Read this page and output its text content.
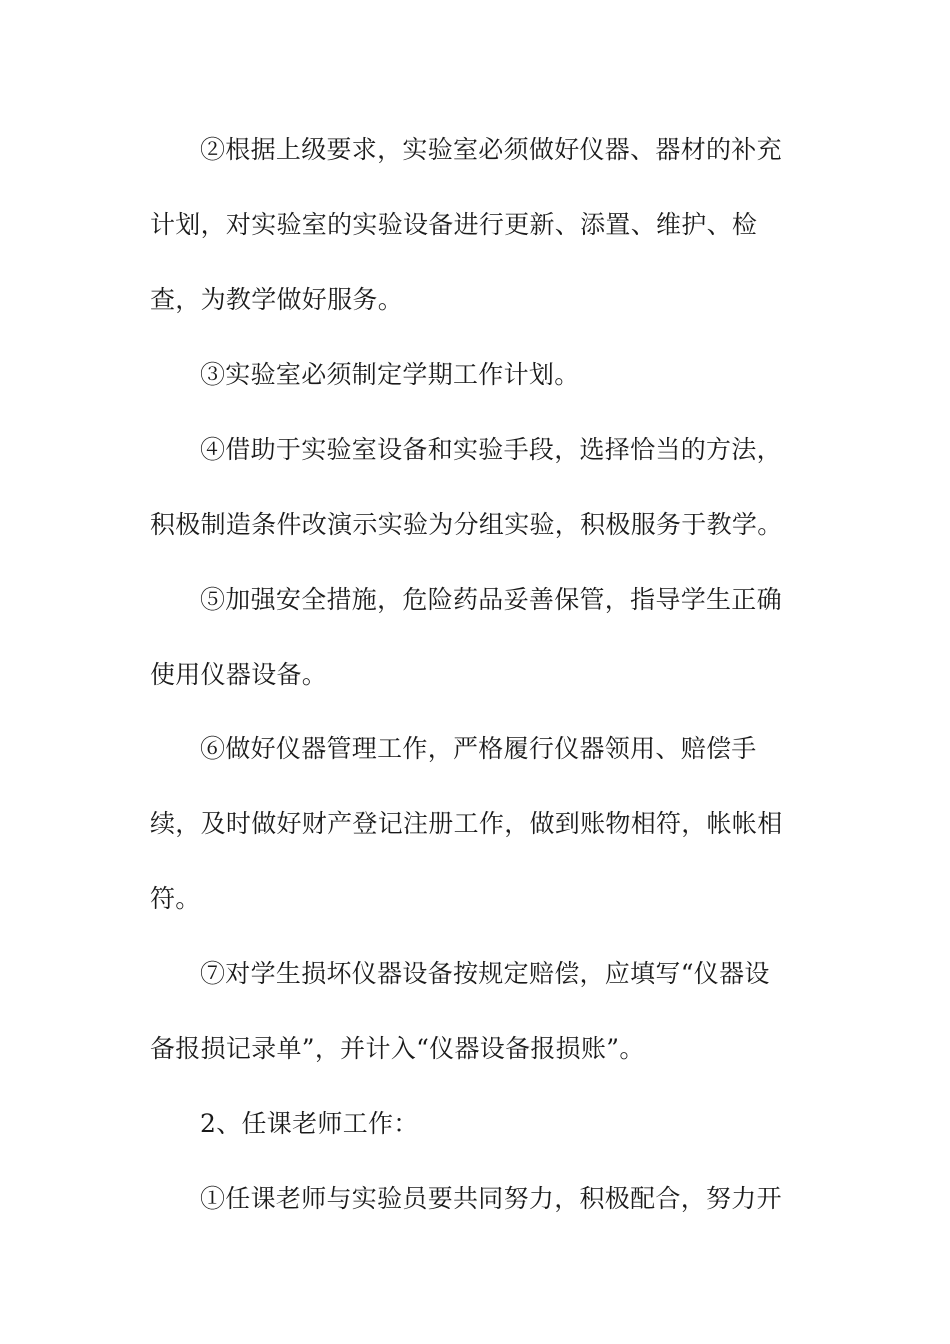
②根据上级要求，实验室必须做好仪器、器材的补充
计划，对实验室的实验设备进行更新、添置、维护、检
查，为教学做好服务。
③实验室必须制定学期工作计划。
④借助于实验室设备和实验手段，选择恰当的方法，
积极制造条件改演示实验为分组实验，积极服务于教学。
⑤加强安全措施，危险药品妥善保管，指导学生正确
使用仪器设备。
⑥做好仪器管理工作，严格履行仪器领用、赔偿手
续，及时做好财产登记注册工作，做到账物相符，帐帐相
符。
⑦对学生损坏仪器设备按规定赔偿，应填写“仪器设
备报损记录单”，并计入“仪器设备报损账”。
2、任课老师工作：
①任课老师与实验员要共同努力，积极配合，努力开
